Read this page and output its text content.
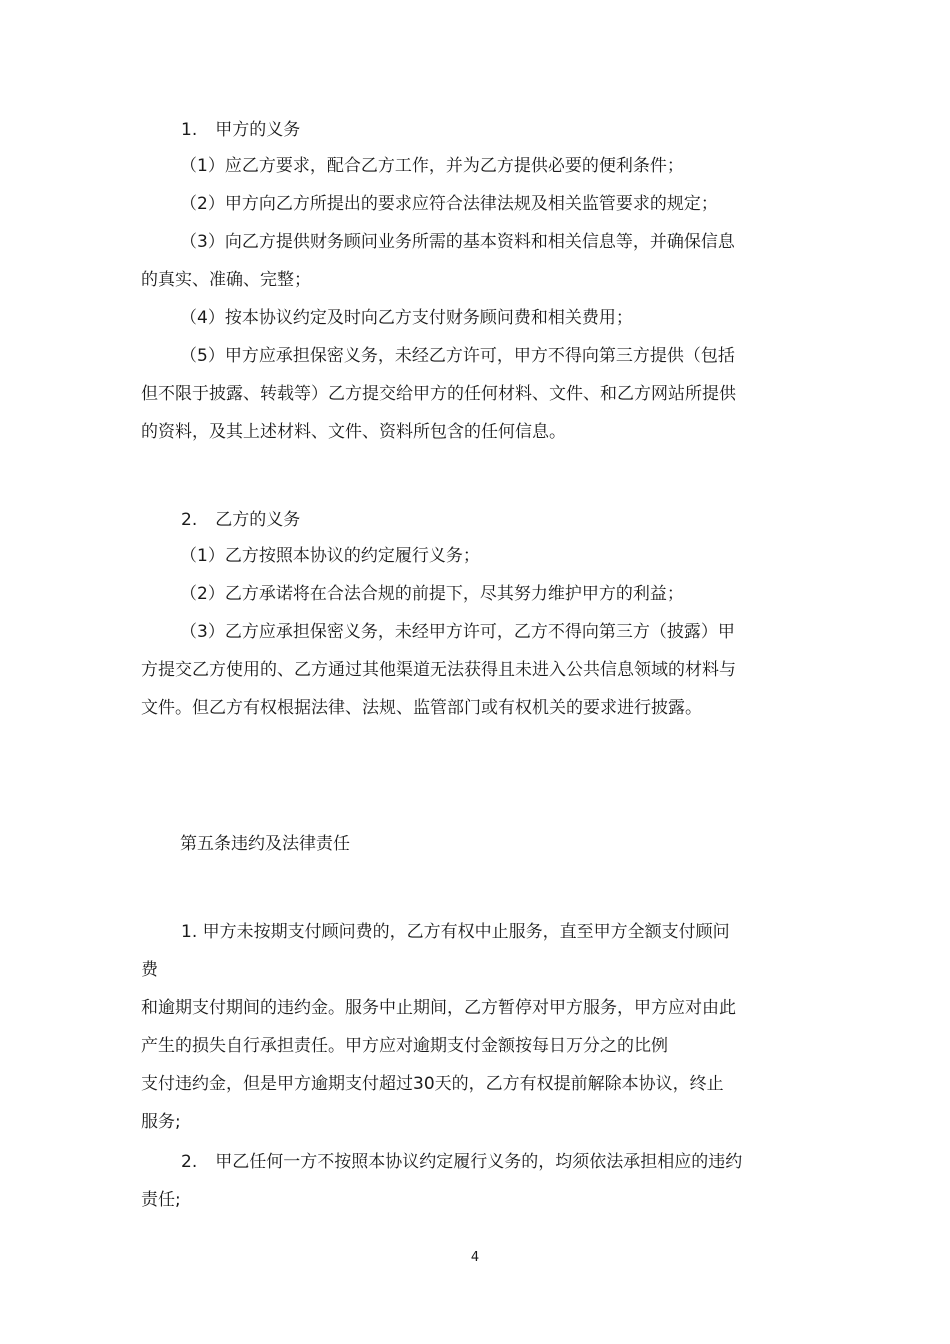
1. 甲方的义务

（1）应乙方要求，配合乙方工作，并为乙方提供必要的便利条件；

（2）甲方向乙方所提出的要求应符合法律法规及相关监管要求的规定；

（3）向乙方提供财务顾问业务所需的基本资料和相关信息等，并确保信息

的真实、准确、完整；

（4）按本协议约定及时向乙方支付财务顾问费和相关费用；

（5）甲方应承担保密义务，未经乙方许可，甲方不得向第三方提供（包括

但不限于披露、转载等）乙方提交给甲方的任何材料、文件、和乙方网站所提供

的资料，及其上述材料、文件、资料所包含的任何信息。

2. 乙方的义务

（1）乙方按照本协议的约定履行义务；

（2）乙方承诺将在合法合规的前提下，尽其努力维护甲方的利益；

（3）乙方应承担保密义务，未经甲方许可，乙方不得向第三方（披露）甲

方提交乙方使用的、乙方通过其他渠道无法获得且未进入公共信息领域的材料与

文件。但乙方有权根据法律、法规、监管部门或有权机关的要求进行披露。

第五条违约及法律责任

1. 甲方未按期支付顾问费的，乙方有权中止服务，直至甲方全额支付顾问

费

和逾期支付期间的违约金。服务中止期间，乙方暂停对甲方服务，甲方应对由此

产生的损失自行承担责任。甲方应对逾期支付金额按每日万分之的比例

支付违约金，但是甲方逾期支付超过30天的，乙方有权提前解除本协议，终止

服务;

2. 甲乙任何一方不按照本协议约定履行义务的，均须依法承担相应的违约

责任;

4
